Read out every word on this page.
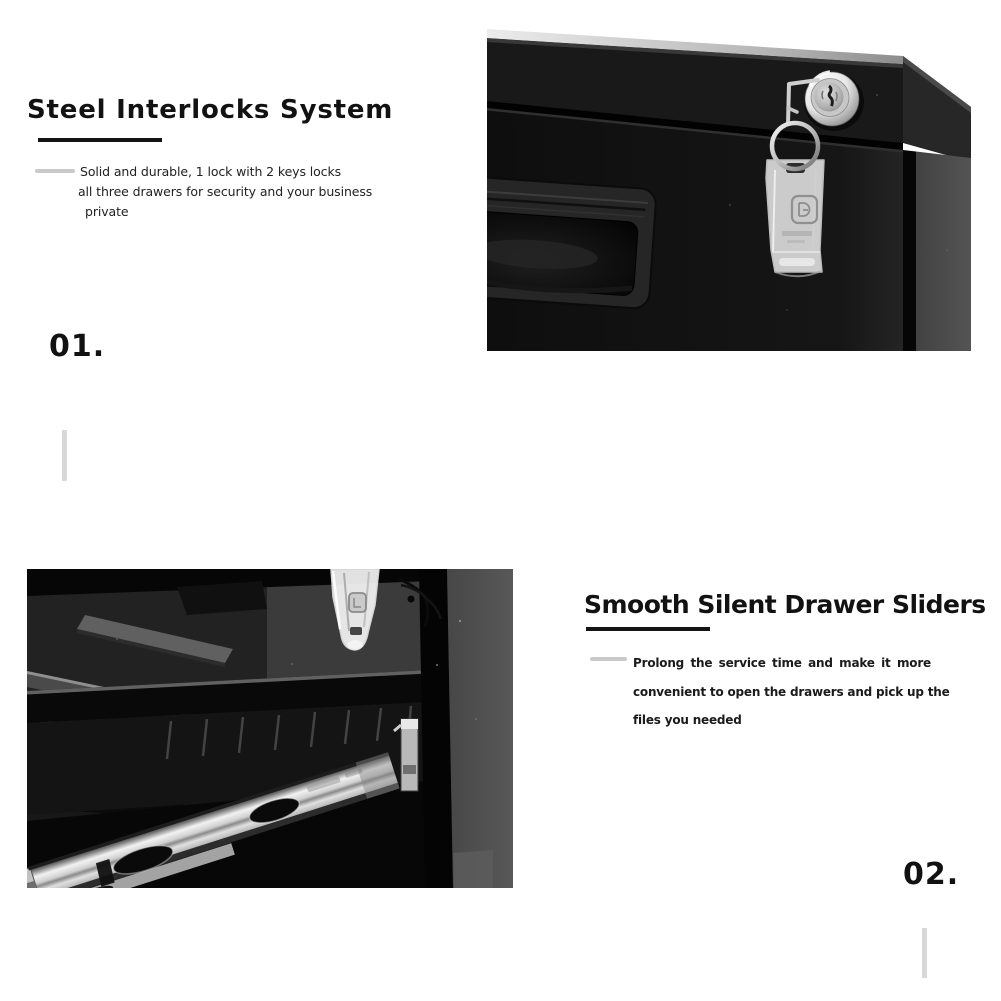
Steel Interlocks System
Solid and durable, 1 lock with 2 keys locks
all three drawers for security and your business
private
01.
Smooth Silent Drawer Sliders
Prolong the service time and make it more
convenient to open the drawers and pick up the
files you needed
02.
